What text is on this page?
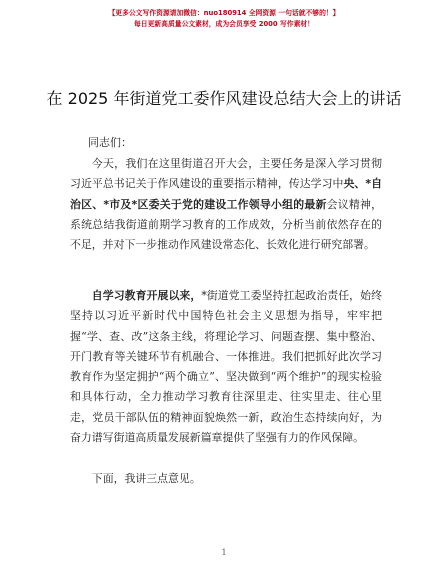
【更多公文写作资源请加微信：nuo180914 全网资源 一句话就不够的！】
每日更新高质量公文素材，成为会员享受 2000 写作素材！
在 2025 年街道党工委作风建设总结大会上的讲话
同志们：

今天，我们在这里街道召开大会，主要任务是深入学习贯彻习近平总书记关于作风建设的重要指示精神，传达学习中央、*自治区、*市及*区委关于党的建设工作领导小组的最新会议精神，系统总结我街道前期学习教育的工作成效，分析当前依然存在的不足，并对下一步推动作风建设常态化、长效化进行研究部署。

自学习教育开展以来，*街道党工委坚持扛起政治责任，始终坚持以习近平新时代中国特色社会主义思想为指导，牢牢把握“学、查、改”这条主线，将理论学习、问题查摆、集中整治、开门教育等关键环节有机融合、一体推进。我们把抓好此次学习教育作为坚定拥护“两个确立”、坚决做到“两个维护”的现实检验和具体行动，全力推动学习教育往深里走、往实里走、往心里走，党员干部队伍的精神面貌焕然一新，政治生态持续向好，为奋力谱写街道高质量发展新篇章提供了坚强有力的作风保障。

下面，我讲三点意见。

1
